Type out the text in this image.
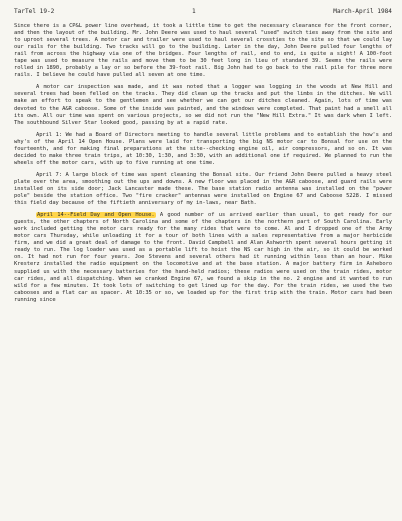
TarTel 19-2	1	March-April 1984

Since there is a CP&L power line overhead, it took a little time to get the necessary clearance for the front corner, and then the layout of the building. Mr. John Deere was used to haul several "used" switch ties away from the site and to uproot several trees. A motor car and trailer were used to haul several crossties to the site so that we could lay our rails for the building. Two tracks will go to the building. Later in the day, John Deere pulled four lengths of rail from across the highway via one of the bridges. Four lengths of rail, end to end, is quite a sight! A 100-foot tape was used to measure the rails and move them to be 30 feet long in lieu of standard 39. Seems the rails were rolled in 1890, probably a lay or so before the 39-foot rail. Big John had to go back to the rail pile for three more rails. I believe he could have pulled all seven at one time.

A motor car inspection was made, and it was noted that a logger was logging in the woods at New Hill and several trees had been felled on the tracks. They did clean up the tracks and put the limbs in the ditches. We will make an effort to speak to the gentlemen and see whether we can get our ditches cleaned. Again, lots of time was devoted to the A&R caboose. Some of the inside was painted, and the windows were completed. That paint had a smell all its own. All our time was spent on various projects, so we did not run the "New Hill Extra." It was dark when I left. The southbound Silver Star looked good, passing by at a rapid rate.

April 1: We had a Board of Directors meeting to handle several little problems and to establish the how's and why's of the April 14 Open House. Plans were laid for transporting the big NS motor car to Bonsal for use on the fourteenth, and for making final preparations at the site--checking engine oil, air compressors, and so on. It was decided to make three train trips, at 10:30, 1:30, and 3:30, with an additional one if required. We planned to run the wheels off the motor cars, with up to five running at one time.

April 7: A large block of time was spent cleaning the Bonsal site. Our friend John Deere pulled a heavy steel plate over the area, smoothing out the ups and downs. A new floor was placed in the A&R caboose, and guard rails were installed on its side door; Jack Lancaster made these. The base station radio antenna was installed on the "power pole" beside the station office. Two "fire cracker" antennas were installed on Engine 67 and Caboose 5228. I missed this field day because of the fiftieth anniversary of my in-laws, near Bath.

April 14--Field Day and Open House. A good number of us arrived earlier than usual, to get ready for our guests, the other chapters of North Carolina and some of the chapters in the northern part of South Carolina. Early work included getting the motor cars ready for the many rides that were to come. Al and I dropped one of the Army motor cars Thursday, while unloading it for a tour of both lines with a sales representative from a major herbicide firm, and we did a great deal of damage to the front. David Campbell and Alan Ashworth spent several hours getting it ready to run. The log loader was used as a portable lift to hoist the NS car high in the air, so it could be worked on. It had not run for four years. Joe Stevens and several others had it running within less than an hour. Mike Kresterz installed the radio equipment on the locomotive and at the base station. A major battery firm in Asheboro supplied us with the necessary batteries for the hand-held radios; these radios were used on the train rides, motor car rides, and all dispatching. When we cranked Engine 67, we found a skip in the no. 2 engine and it wanted to run wild for a few minutes. It took lots of switching to get lined up for the day. For the train rides, we used the two cabooses and a flat car as spacer. At 10:35 or so, we loaded up for the first trip with the train. Motor cars had been running since
